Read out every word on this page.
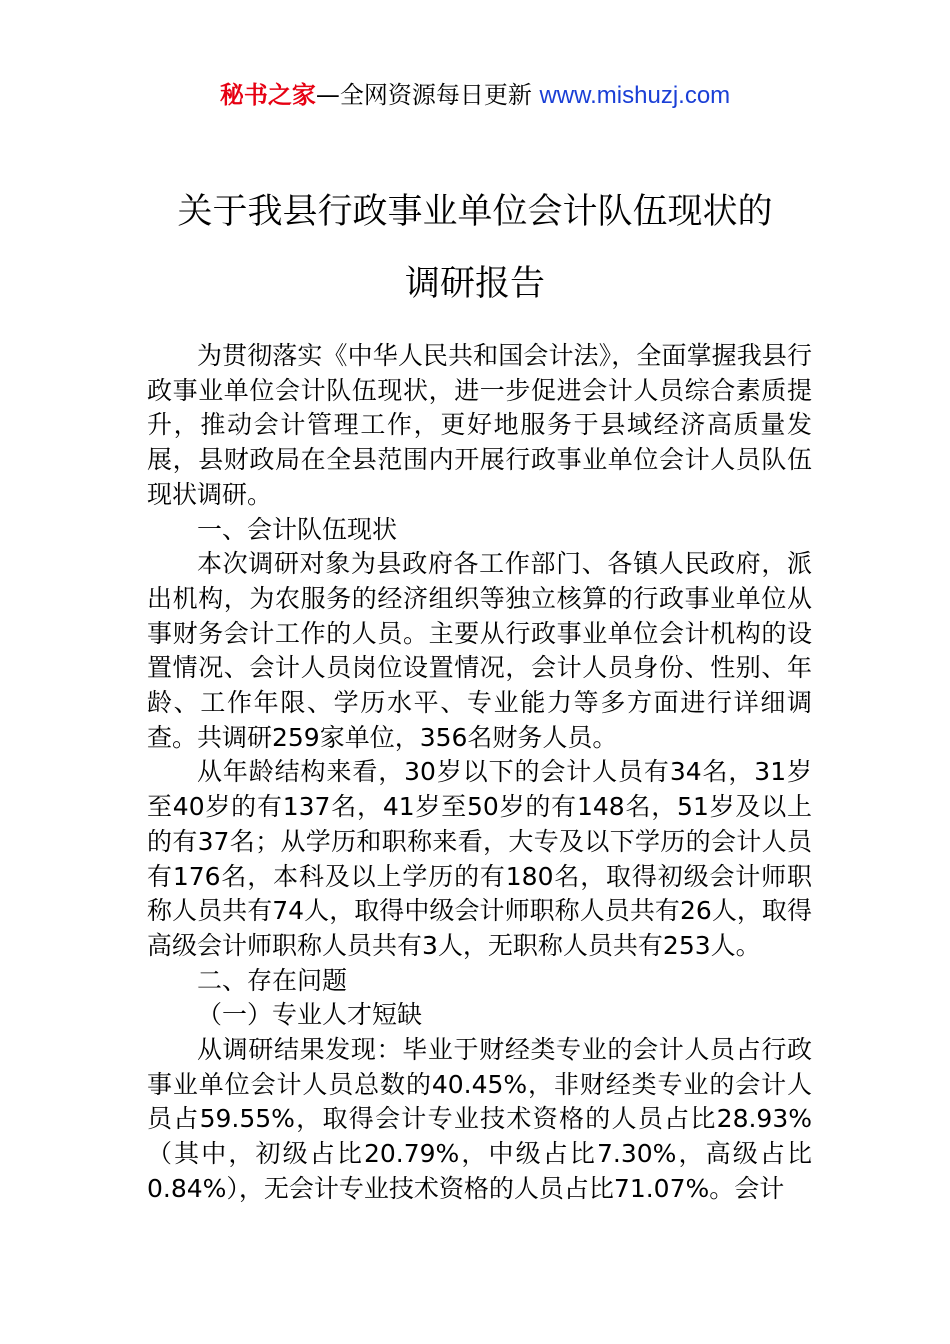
秘书之家—全网资源每日更新 www.mishuzj.com
关于我县行政事业单位会计队伍现状的
调研报告

为贯彻落实《中华人民共和国会计法》，全面掌握我县行政事业单位会计队伍现状，进一步促进会计人员综合素质提升，推动会计管理工作，更好地服务于县域经济高质量发展，县财政局在全县范围内开展行政事业单位会计人员队伍现状调研。

一、会计队伍现状

本次调研对象为县政府各工作部门、各镇人民政府，派出机构，为农服务的经济组织等独立核算的行政事业单位从事财务会计工作的人员。主要从行政事业单位会计机构的设置情况、会计人员岗位设置情况，会计人员身份、性别、年龄、工作年限、学历水平、专业能力等多方面进行详细调查。共调研259家单位，356名财务人员。

从年龄结构来看，30岁以下的会计人员有34名，31岁至40岁的有137名，41岁至50岁的有148名，51岁及以上的有37名；从学历和职称来看，大专及以下学历的会计人员有176名，本科及以上学历的有180名，取得初级会计师职称人员共有74人，取得中级会计师职称人员共有26人，取得高级会计师职称人员共有3人，无职称人员共有253人。

二、存在问题

（一）专业人才短缺

从调研结果发现：毕业于财经类专业的会计人员占行政事业单位会计人员总数的40.45%，非财经类专业的会计人员占59.55%，取得会计专业技术资格的人员占比28.93%（其中，初级占比20.79%，中级占比7.30%，高级占比0.84%），无会计专业技术资格的人员占比71.07%。会计
